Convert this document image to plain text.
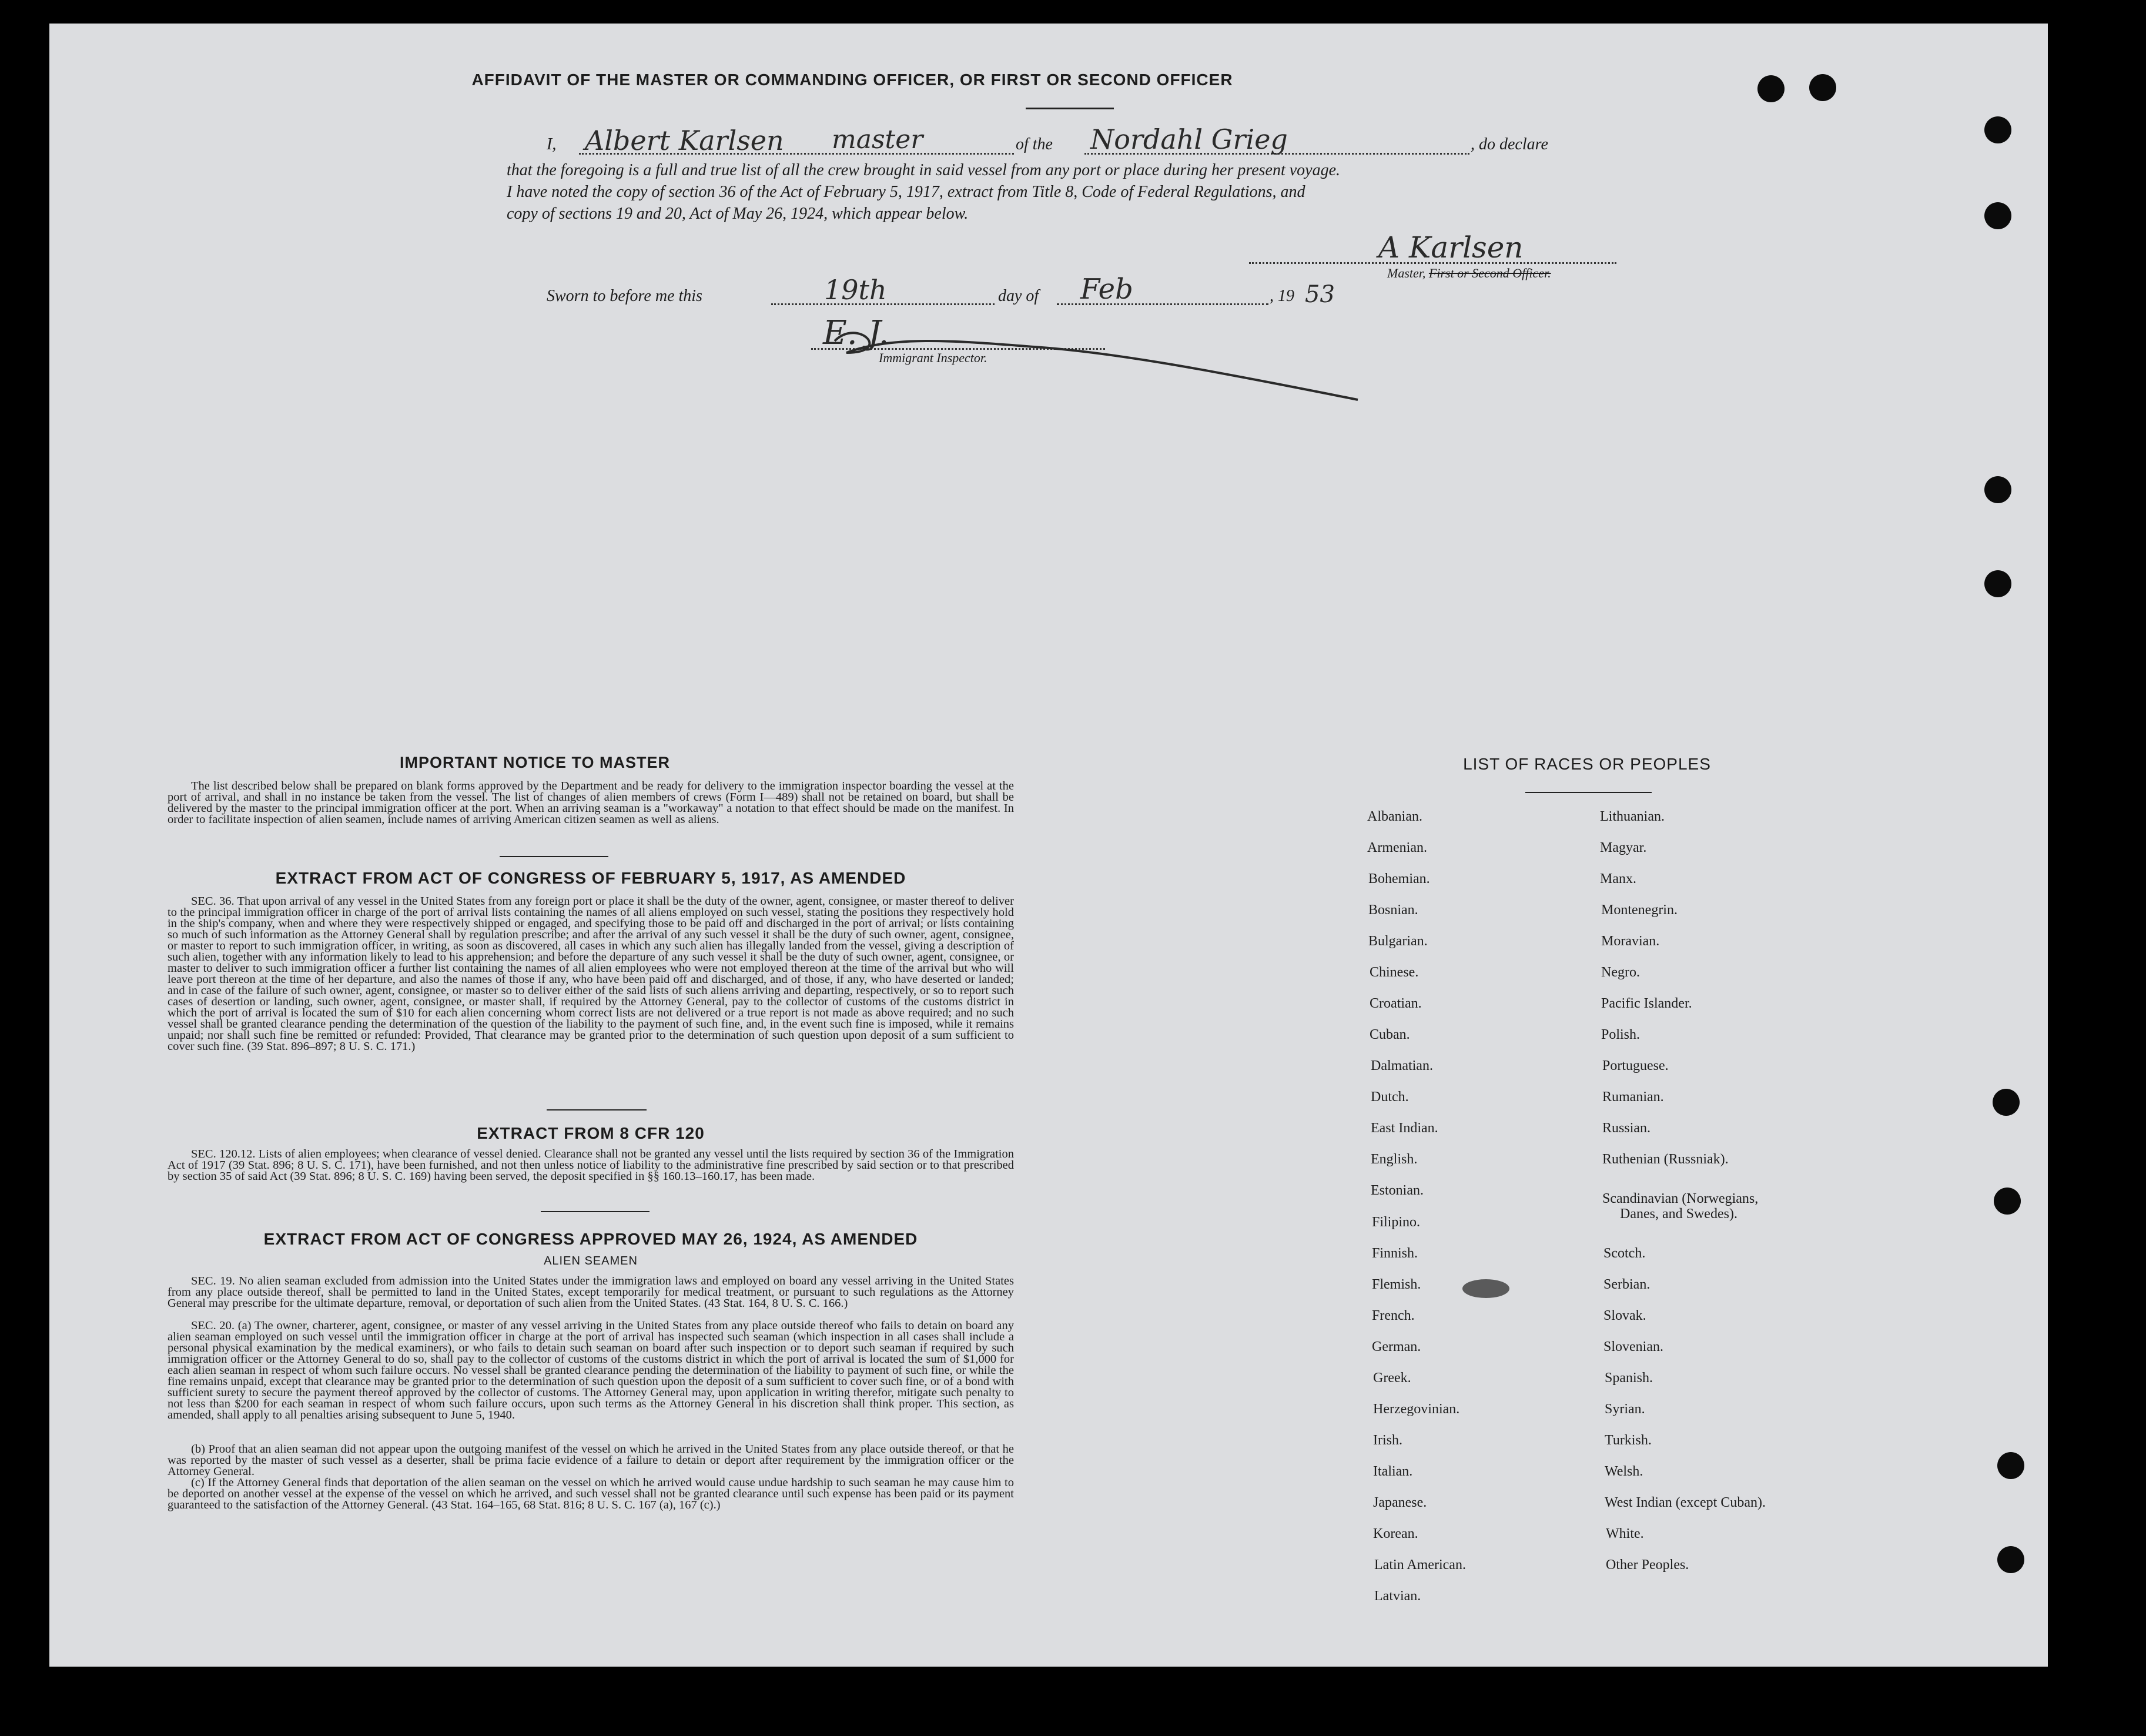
AFFIDAVIT OF THE MASTER OR COMMANDING OFFICER, OR FIRST OR SECOND OFFICER
I, Albert Karlsen master	of the Nordahl Grieg	, do declare
that the foregoing is a full and true list of all the crew brought in said vessel from any port or place during her present voyage.
I have noted the copy of section 36 of the Act of February 5, 1917, extract from Title 8, Code of Federal Regulations, and
copy of sections 19 and 20, Act of May 26, 1924, which appear below.
A Karlsen
Master, First or Second Officer.
Sworn to before me this	19th	day of Feb	, 19 53
E. J.
Immigrant Inspector.
IMPORTANT NOTICE TO MASTER
The list described below shall be prepared on blank forms approved by the Department and be ready for delivery to the immigration inspector boarding the vessel at the port of arrival, and shall in no instance be taken from the vessel. The list of changes of alien members of crews (Form I—489) shall not be retained on board, but shall be delivered by the master to the principal immigration officer at the port. When an arriving seaman is a "workaway" a notation to that effect should be made on the manifest. In order to facilitate inspection of alien seamen, include names of arriving American citizen seamen as well as aliens.
EXTRACT FROM ACT OF CONGRESS OF FEBRUARY 5, 1917, AS AMENDED
SEC. 36. That upon arrival of any vessel in the United States from any foreign port or place it shall be the duty of the owner, agent, consignee, or master thereof to deliver to the principal immigration officer in charge of the port of arrival lists containing the names of all aliens employed on such vessel, stating the positions they respectively hold in the ship's company, when and where they were respectively shipped or engaged, and specifying those to be paid off and discharged in the port of arrival; or lists containing so much of such information as the Attorney General shall by regulation prescribe; and after the arrival of any such vessel it shall be the duty of such owner, agent, consignee, or master to report to such immigration officer, in writing, as soon as discovered, all cases in which any such alien has illegally landed from the vessel, giving a description of such alien, together with any information likely to lead to his apprehension; and before the departure of any such vessel it shall be the duty of such owner, agent, consignee, or master to deliver to such immigration officer a further list containing the names of all alien employees who were not employed thereon at the time of the arrival but who will leave port thereon at the time of her departure, and also the names of those if any, who have been paid off and discharged, and of those, if any, who have deserted or landed; and in case of the failure of such owner, agent, consignee, or master so to deliver either of the said lists of such aliens arriving and departing, respectively, or so to report such cases of desertion or landing, such owner, agent, consignee, or master shall, if required by the Attorney General, pay to the collector of customs of the customs district in which the port of arrival is located the sum of $10 for each alien concerning whom correct lists are not delivered or a true report is not made as above required; and no such vessel shall be granted clearance pending the determination of the question of the liability to the payment of such fine, and, in the event such fine is imposed, while it remains unpaid; nor shall such fine be remitted or refunded: Provided, That clearance may be granted prior to the determination of such question upon deposit of a sum sufficient to cover such fine. (39 Stat. 896–897; 8 U. S. C. 171.)
EXTRACT FROM 8 CFR 120
SEC. 120.12. Lists of alien employees; when clearance of vessel denied. Clearance shall not be granted any vessel until the lists required by section 36 of the Immigration Act of 1917 (39 Stat. 896; 8 U. S. C. 171), have been furnished, and not then unless notice of liability to the administrative fine prescribed by said section or to that prescribed by section 35 of said Act (39 Stat. 896; 8 U. S. C. 169) having been served, the deposit specified in §§ 160.13–160.17, has been made.
EXTRACT FROM ACT OF CONGRESS APPROVED MAY 26, 1924, AS AMENDED
ALIEN SEAMEN
SEC. 19. No alien seaman excluded from admission into the United States under the immigration laws and employed on board any vessel arriving in the United States from any place outside thereof, shall be permitted to land in the United States, except temporarily for medical treatment, or pursuant to such regulations as the Attorney General may prescribe for the ultimate departure, removal, or deportation of such alien from the United States. (43 Stat. 164, 8 U. S. C. 166.)
SEC. 20. (a) The owner, charterer, agent, consignee, or master of any vessel arriving in the United States from any place outside thereof who fails to detain on board any alien seaman employed on such vessel until the immigration officer in charge at the port of arrival has inspected such seaman (which inspection in all cases shall include a personal physical examination by the medical examiners), or who fails to detain such seaman on board after such inspection or to deport such seaman if required by such immigration officer or the Attorney General to do so, shall pay to the collector of customs of the customs district in which the port of arrival is located the sum of $1,000 for each alien seaman in respect of whom such failure occurs. No vessel shall be granted clearance pending the determination of the liability to payment of such fine, or while the fine remains unpaid, except that clearance may be granted prior to the determination of such question upon the deposit of a sum sufficient to cover such fine, or of a bond with sufficient surety to secure the payment thereof approved by the collector of customs. The Attorney General may, upon application in writing therefor, mitigate such penalty to not less than $200 for each seaman in respect of whom such failure occurs, upon such terms as the Attorney General in his discretion shall think proper. This section, as amended, shall apply to all penalties arising subsequent to June 5, 1940.
(b) Proof that an alien seaman did not appear upon the outgoing manifest of the vessel on which he arrived in the United States from any place outside thereof, or that he was reported by the master of such vessel as a deserter, shall be prima facie evidence of a failure to detain or deport after requirement by the immigration officer or the Attorney General.
(c) If the Attorney General finds that deportation of the alien seaman on the vessel on which he arrived would cause undue hardship to such seaman he may cause him to be deported on another vessel at the expense of the vessel on which he arrived, and such vessel shall not be granted clearance until such expense has been paid or its payment guaranteed to the satisfaction of the Attorney General. (43 Stat. 164–165, 68 Stat. 816; 8 U. S. C. 167 (a), 167 (c).)
LIST OF RACES OR PEOPLES
Albanian.
Armenian.
Bohemian.
Bosnian.
Bulgarian.
Chinese.
Croatian.
Cuban.
Dalmatian.
Dutch.
East Indian.
English.
Estonian.
Filipino.
Finnish.
Flemish.
French.
German.
Greek.
Herzegovinian.
Irish.
Italian.
Japanese.
Korean.
Latin American.
Latvian.
Lithuanian.
Magyar.
Manx.
Montenegrin.
Moravian.
Negro.
Pacific Islander.
Polish.
Portuguese.
Rumanian.
Russian.
Ruthenian (Russniak).
Scandinavian (Norwegians,
Danes, and Swedes).
Scotch.
Serbian.
Slovak.
Slovenian.
Spanish.
Syrian.
Turkish.
Welsh.
West Indian (except Cuban).
White.
Other Peoples.
